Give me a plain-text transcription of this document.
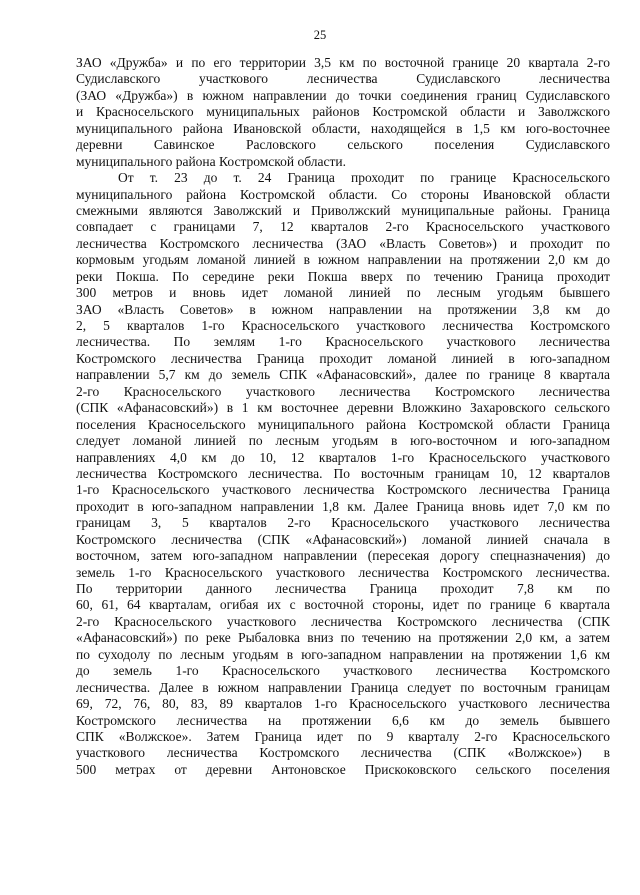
25
ЗАО «Дружба» и по его территории 3,5 км по восточной границе 20 квартала 2-го
Судиславского участкового лесничества Судиславского лесничества
(ЗАО «Дружба») в южном направлении до точки соединения границ Судиславского
и Красносельского муниципальных районов Костромской области и Заволжского
муниципального района Ивановской области, находящейся в 1,5 км юго-восточнее
деревни Савинское Расловского сельского поселения Судиславского
муниципального района Костромской области.
От т. 23 до т. 24 Граница проходит по границе Красносельского
муниципального района Костромской области. Со стороны Ивановской области
смежными являются Заволжский и Приволжский муниципальные районы. Граница
совпадает с границами 7, 12 кварталов 2-го Красносельского участкового
лесничества Костромского лесничества (ЗАО «Власть Советов») и проходит по
кормовым угодьям ломаной линией в южном направлении на протяжении 2,0 км до
реки Покша. По середине реки Покша вверх по течению Граница проходит
300 метров и вновь идет ломаной линией по лесным угодьям бывшего
ЗАО «Власть Советов» в южном направлении на протяжении 3,8 км до
2, 5 кварталов 1-го Красносельского участкового лесничества Костромского
лесничества. По землям 1-го Красносельского участкового лесничества
Костромского лесничества Граница проходит ломаной линией в юго-западном
направлении 5,7 км до земель СПК «Афанасовский», далее по границе 8 квартала
2-го Красносельского участкового лесничества Костромского лесничества
(СПК «Афанасовский») в 1 км восточнее деревни Вложкино Захаровского сельского
поселения Красносельского муниципального района Костромской области Граница
следует ломаной линией по лесным угодьям в юго-восточном и юго-западном
направлениях 4,0 км до 10, 12 кварталов 1-го Красносельского участкового
лесничества Костромского лесничества. По восточным границам 10, 12 кварталов
1-го Красносельского участкового лесничества Костромского лесничества Граница
проходит в юго-западном направлении 1,8 км. Далее Граница вновь идет 7,0 км по
границам 3, 5 кварталов 2-го Красносельского участкового лесничества
Костромского лесничества (СПК «Афанасовский») ломаной линией сначала в
восточном, затем юго-западном направлении (пересекая дорогу спецназначения) до
земель 1-го Красносельского участкового лесничества Костромского лесничества.
По территории данного лесничества Граница проходит 7,8 км по
60, 61, 64 кварталам, огибая их с восточной стороны, идет по границе 6 квартала
2-го Красносельского участкового лесничества Костромского лесничества (СПК
«Афанасовский») по реке Рыбаловка вниз по течению на протяжении 2,0 км, а затем
по суходолу по лесным угодьям в юго-западном направлении на протяжении 1,6 км
до земель 1-го Красносельского участкового лесничества Костромского
лесничества. Далее в южном направлении Граница следует по восточным границам
69, 72, 76, 80, 83, 89 кварталов 1-го Красносельского участкового лесничества
Костромского лесничества на протяжении 6,6 км до земель бывшего
СПК «Волжское». Затем Граница идет по 9 кварталу 2-го Красносельского
участкового лесничества Костромского лесничества (СПК «Волжское») в
500 метрах от деревни Антоновское Прискоковского сельского поселения
